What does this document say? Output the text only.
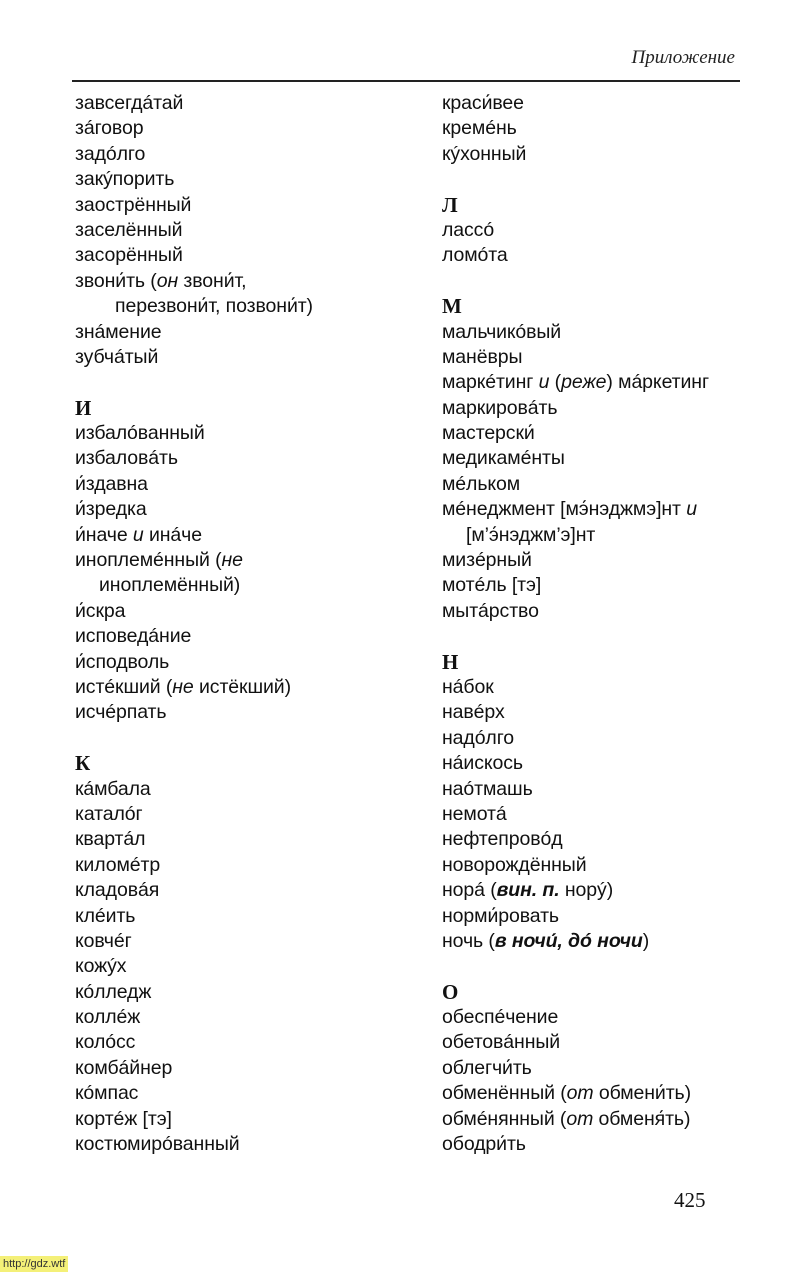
Приложение
завсегдáтай
зáговор
задóлго
закýпорить
заострённый
заселённый
засорённый
звони́ть (он звони́т,
перезвони́т, позвони́т)
знáмение
зубчáтый
И
избалóванный
избаловáть
и́здавна
и́зредка
и́наче и инáче
иноплемéнный (не
иноплемённый)
и́скра
исповедáние
и́сподволь
истéкший (не истёкший)
исчéрпать
К
кáмбала
каталóг
квартáл
киломéтр
кладовáя
клéить
ковчéг
кожýх
кóлледж
коллéж
колóсс
комбáйнер
кóмпас
кортéж [тэ]
костюмирóванный
краси́вее
кремéнь
кýхонный
Л
лассó
ломóта
М
мальчикóвый
манёвры
маркéтинг и (реже) мáркетинг
маркировáть
мастерски́
медикамéнты
мéльком
мéнеджмент [мэ́нэджмэ]нт и
[м’э́нэджм’э]нт
мизéрный
мотéль [тэ]
мытáрство
Н
нáбок
навéрх
надóлго
нáискось
наóтмашь
немотá
нефтепровóд
новорождённый
норá (вин. п. норý)
норми́ровать
ночь (в ночи́, дó ночи)
О
обеспéчение
обетовáнный
облегчи́ть
обменённый (от обмени́ть)
обмéнянный (от обменя́ть)
ободри́ть
425
http://gdz.wtf
